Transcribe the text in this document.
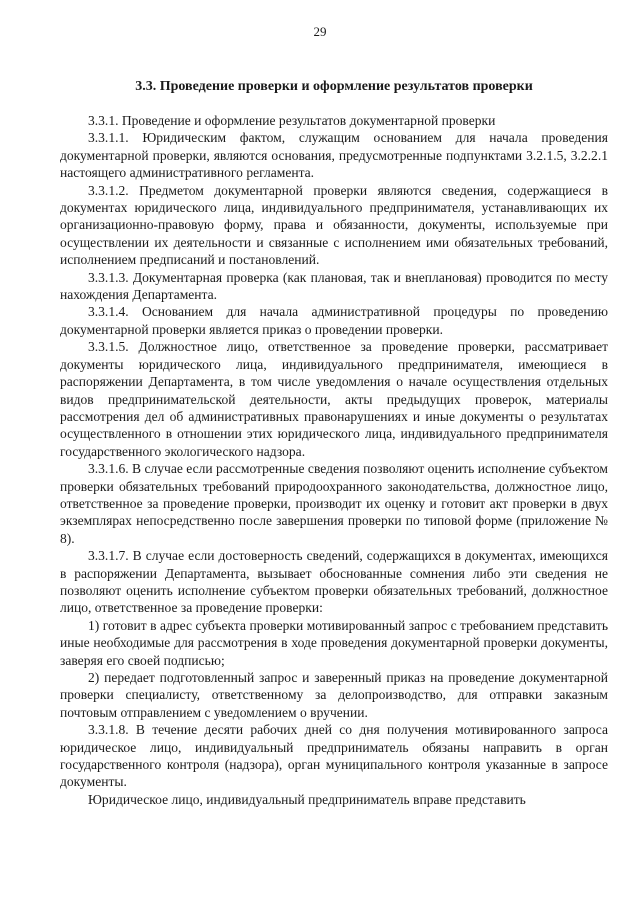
29
3.3. Проведение проверки и оформление результатов проверки

3.3.1. Проведение и оформление результатов документарной проверки

3.3.1.1. Юридическим фактом, служащим основанием для начала проведения документарной проверки, являются основания, предусмотренные подпунктами 3.2.1.5, 3.2.2.1 настоящего административного регламента.

3.3.1.2. Предметом документарной проверки являются сведения, содержащиеся в документах юридического лица, индивидуального предпринимателя, устанавливающих их организационно-правовую форму, права и обязанности, документы, используемые при осуществлении их деятельности и связанные с исполнением ими обязательных требований, исполнением предписаний и постановлений.

3.3.1.3. Документарная проверка (как плановая, так и внеплановая) проводится по месту нахождения Департамента.

3.3.1.4. Основанием для начала административной процедуры по проведению документарной проверки является приказ о проведении проверки.

3.3.1.5. Должностное лицо, ответственное за проведение проверки, рассматривает документы юридического лица, индивидуального предпринимателя, имеющиеся в распоряжении Департамента, в том числе уведомления о начале осуществления отдельных видов предпринимательской деятельности, акты предыдущих проверок, материалы рассмотрения дел об административных правонарушениях и иные документы о результатах осуществленного в отношении этих юридического лица, индивидуального предпринимателя государственного экологического надзора.

3.3.1.6. В случае если рассмотренные сведения позволяют оценить исполнение субъектом проверки обязательных требований природоохранного законодательства, должностное лицо, ответственное за проведение проверки, производит их оценку и готовит акт проверки в двух экземплярах непосредственно после завершения проверки по типовой форме (приложение № 8).

3.3.1.7. В случае если достоверность сведений, содержащихся в документах, имеющихся в распоряжении Департамента, вызывает обоснованные сомнения либо эти сведения не позволяют оценить исполнение субъектом проверки обязательных требований, должностное лицо, ответственное за проведение проверки:

1) готовит в адрес субъекта проверки мотивированный запрос с требованием представить иные необходимые для рассмотрения в ходе проведения документарной проверки документы, заверяя его своей подписью;

2) передает подготовленный запрос и заверенный приказ на проведение документарной проверки специалисту, ответственному за делопроизводство, для отправки заказным почтовым отправлением с уведомлением о вручении.

3.3.1.8. В течение десяти рабочих дней со дня получения мотивированного запроса юридическое лицо, индивидуальный предприниматель обязаны направить в орган государственного контроля (надзора), орган муниципального контроля указанные в запросе документы.

Юридическое лицо, индивидуальный предприниматель вправе представить
